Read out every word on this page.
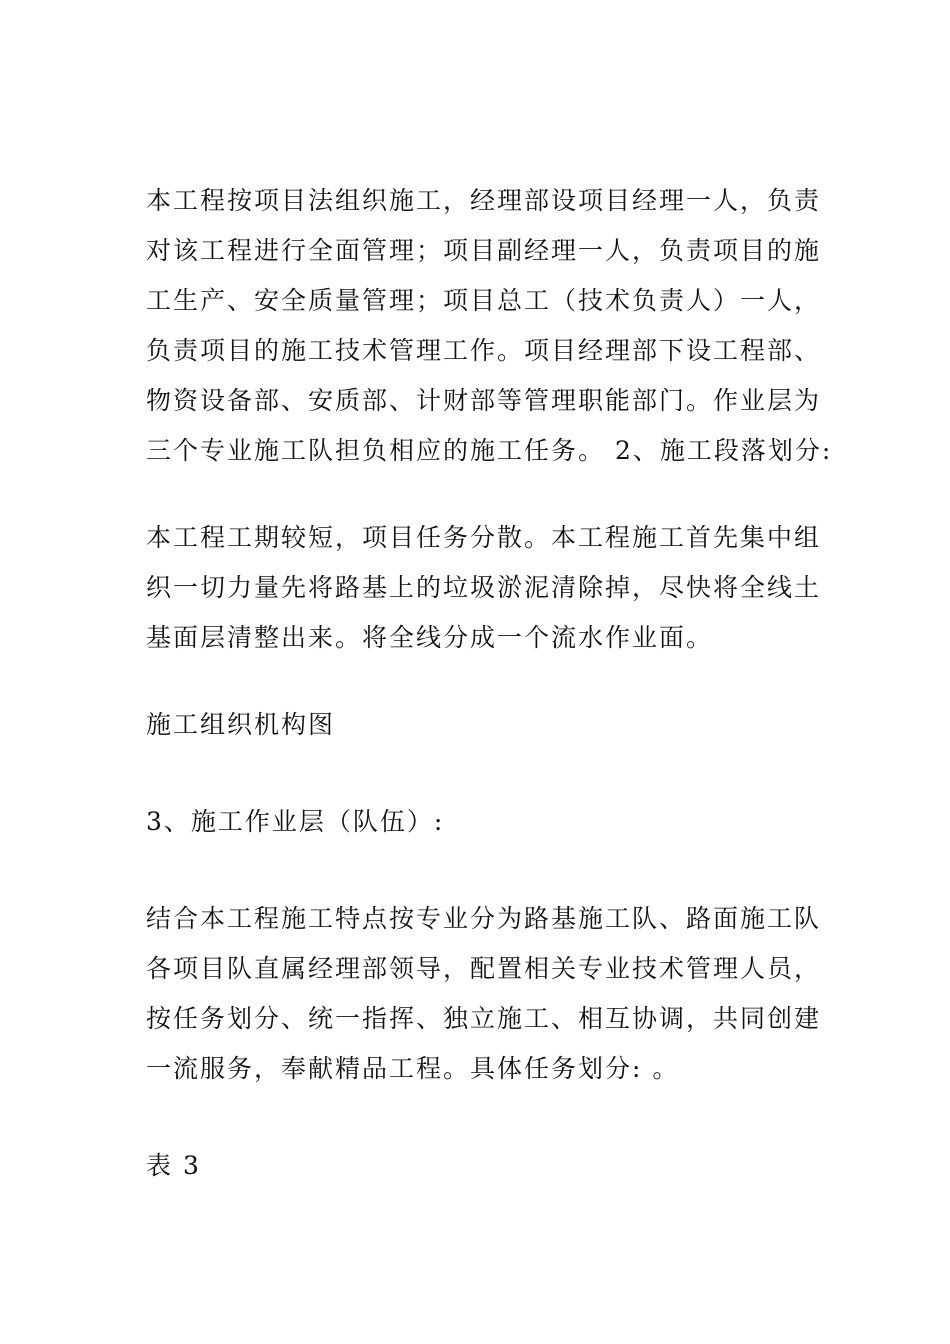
本工程按项目法组织施工，经理部设项目经理一人，负责
对该工程进行全面管理；项目副经理一人，负责项目的施
工生产、安全质量管理；项目总工（技术负责人）一人，
负责项目的施工技术管理工作。项目经理部下设工程部、
物资设备部、安质部、计财部等管理职能部门。作业层为
三个专业施工队担负相应的施工任务。 2、施工段落划分:

本工程工期较短，项目任务分散。本工程施工首先集中组
织一切力量先将路基上的垃圾淤泥清除掉，尽快将全线土
基面层清整出来。将全线分成一个流水作业面。

施工组织机构图

3、施工作业层（队伍）:

结合本工程施工特点按专业分为路基施工队、路面施工队
各项目队直属经理部领导，配置相关专业技术管理人员，
按任务划分、统一指挥、独立施工、相互协调，共同创建
一流服务，奉献精品工程。具体任务划分: 。

表 3
